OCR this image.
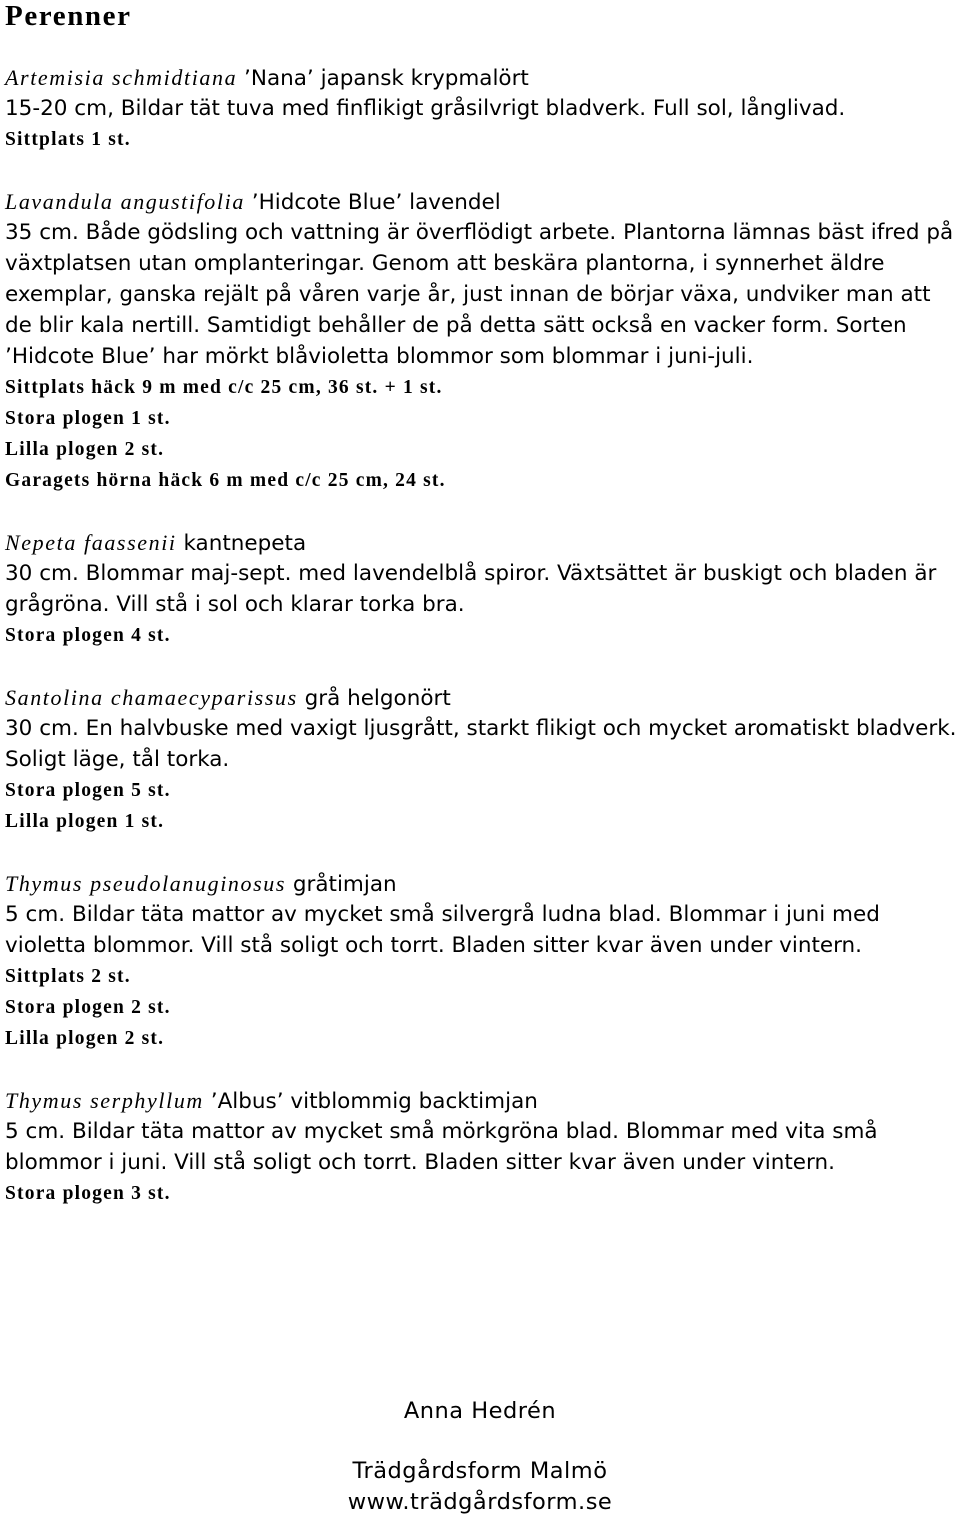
Perenner
Artemisia schmidtiana ’Nana’ japansk krypmalört

15-20 cm, Bildar tät tuva med finflikigt gråsilvrigt bladverk. Full sol, långlivad.

Sittplats 1 st.
Lavandula angustifolia ’Hidcote Blue’ lavendel

35 cm. Både gödsling och vattning är överflödigt arbete. Plantorna lämnas bäst ifred på växtplatsen utan omplanteringar. Genom att beskära plantorna, i synnerhet äldre exemplar, ganska rejält på våren varje år, just innan de börjar växa, undviker man att de blir kala nertill. Samtidigt behåller de på detta sätt också en vacker form. Sorten ’Hidcote Blue’ har mörkt blåvioletta blommor som blommar i juni-juli.

Sittplats häck 9 m med c/c 25 cm, 36 st. + 1 st.
Stora plogen 1 st.
Lilla plogen 2 st.
Garagets hörna häck 6 m med c/c 25 cm, 24 st.
Nepeta faassenii kantnepeta

30 cm. Blommar maj-sept. med lavendelblå spiror. Växtsättet är buskigt och bladen är grågröna. Vill stå i sol och klarar torka bra.

Stora plogen 4 st.
Santolina chamaecyparissus grå helgonört

30 cm. En halvbuske med vaxigt ljusgrått, starkt flikigt och mycket aromatiskt bladverk. Soligt läge, tål torka.

Stora plogen 5 st.
Lilla plogen 1 st.
Thymus pseudolanuginosus gråtimjan

5 cm. Bildar täta mattor av mycket små silvergrå ludna blad. Blommar i juni med violetta blommor. Vill stå soligt och torrt. Bladen sitter kvar även under vintern.

Sittplats 2 st.
Stora plogen 2 st.
Lilla plogen 2 st.
Thymus serphyllum ’Albus’ vitblommig backtimjan

5 cm. Bildar täta mattor av mycket små mörkgröna blad. Blommar med vita små blommor i juni. Vill stå soligt och torrt. Bladen sitter kvar även under vintern.

Stora plogen 3 st.
Anna Hedrén
Trädgårdsform Malmö
www.trädgårdsform.se
